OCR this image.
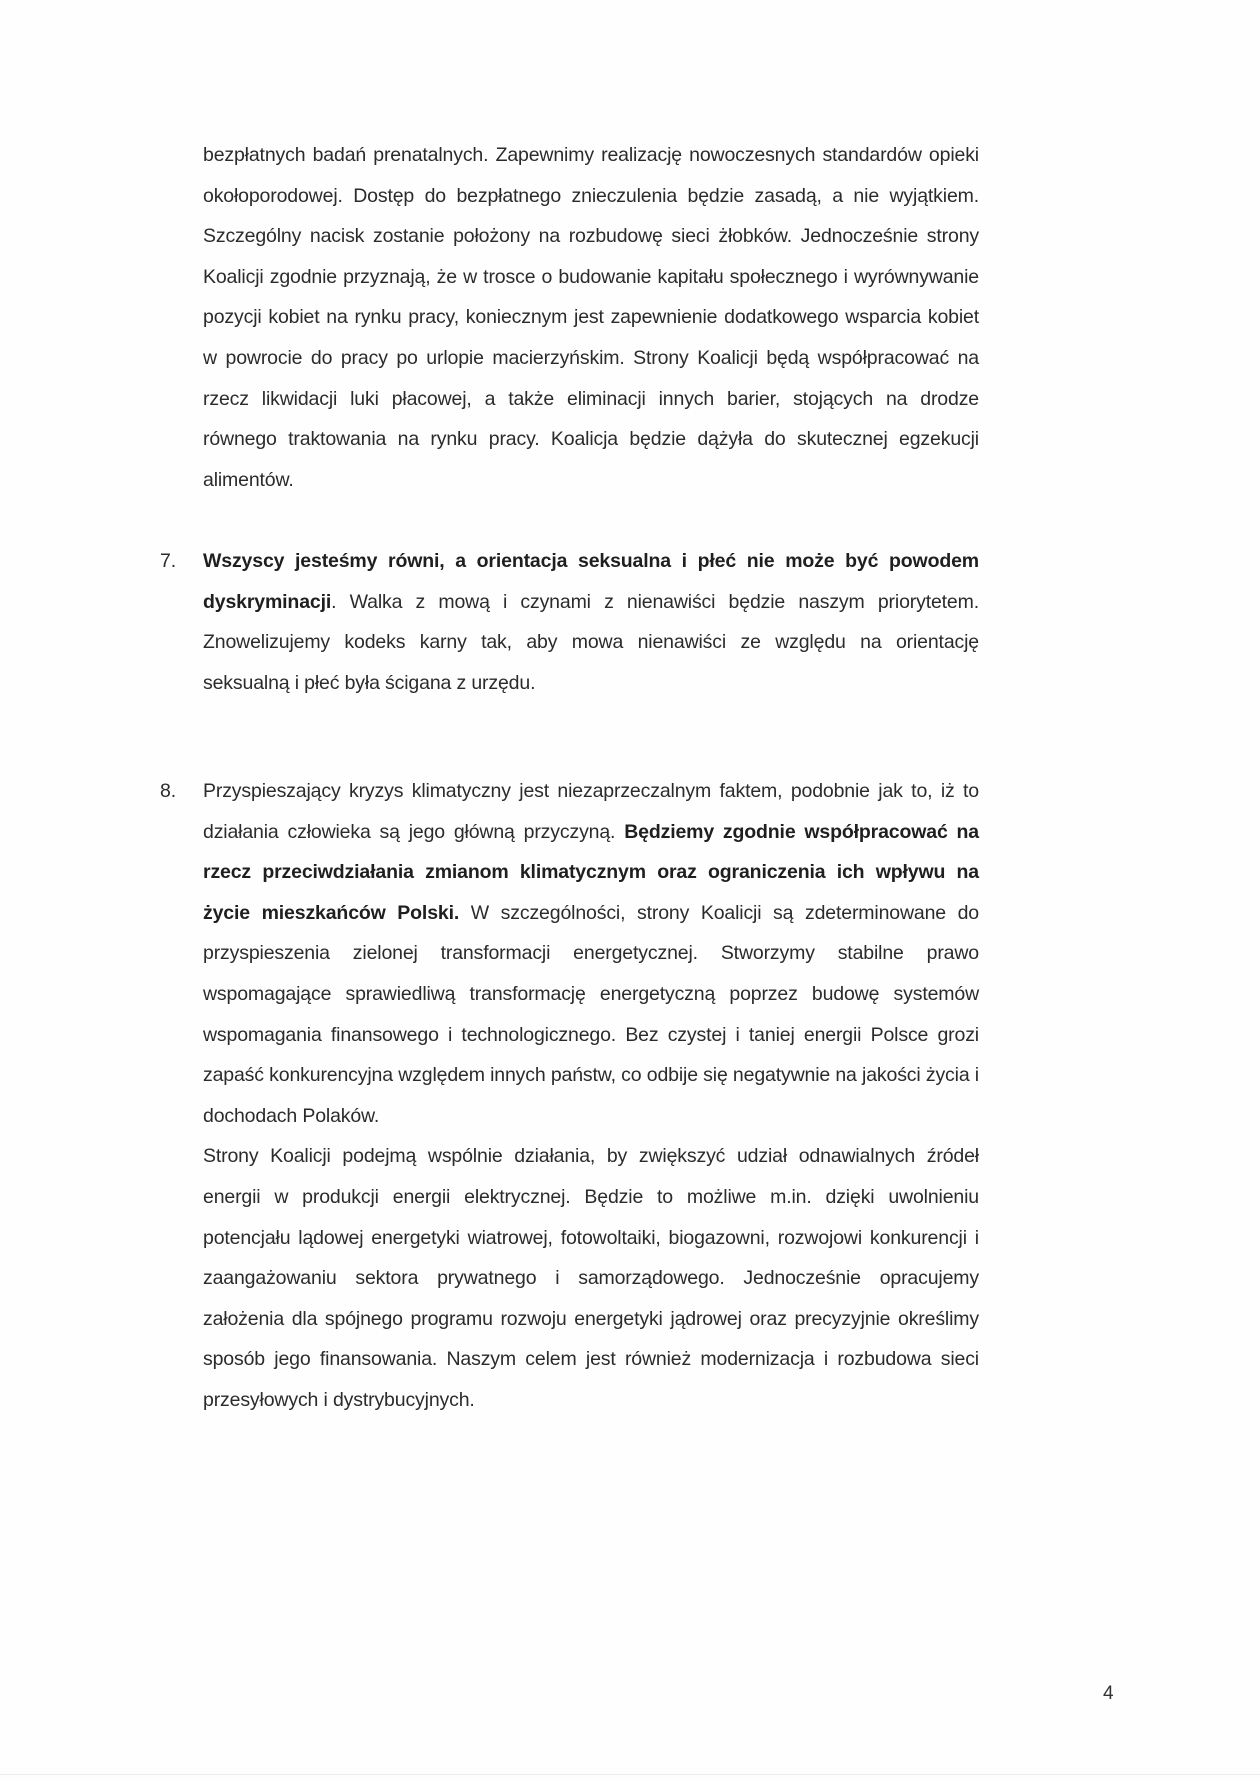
bezpłatnych badań prenatalnych. Zapewnimy realizację nowoczesnych standardów opieki okołoporodowej. Dostęp do bezpłatnego znieczulenia będzie zasadą, a nie wyjątkiem. Szczególny nacisk zostanie położony na rozbudowę sieci żłobków. Jednocześnie strony Koalicji zgodnie przyznają, że w trosce o budowanie kapitału społecznego i wyrównywanie pozycji kobiet na rynku pracy, koniecznym jest zapewnienie dodatkowego wsparcia kobiet w powrocie do pracy po urlopie macierzyńskim. Strony Koalicji będą współpracować na rzecz likwidacji luki płacowej, a także eliminacji innych barier, stojących na drodze równego traktowania na rynku pracy. Koalicja będzie dążyła do skutecznej egzekucji alimentów.

7.	Wszyscy jesteśmy równi, a orientacja seksualna i płeć nie może być powodem dyskryminacji. Walka z mową i czynami z nienawiści będzie naszym priorytetem. Znowelizujemy kodeks karny tak, aby mowa nienawiści ze względu na orientację seksualną i płeć była ścigana z urzędu.

8.	Przyspieszający kryzys klimatyczny jest niezaprzeczalnym faktem, podobnie jak to, iż to działania człowieka są jego główną przyczyną. Będziemy zgodnie współpracować na rzecz przeciwdziałania zmianom klimatycznym oraz ograniczenia ich wpływu na życie mieszkańców Polski. W szczególności, strony Koalicji są zdeterminowane do przyspieszenia zielonej transformacji energetycznej. Stworzymy stabilne prawo wspomagające sprawiedliwą transformację energetyczną poprzez budowę systemów wspomagania finansowego i technologicznego. Bez czystej i taniej energii Polsce grozi zapaść konkurencyjna względem innych państw, co odbije się negatywnie na jakości życia i dochodach Polaków.

Strony Koalicji podejmą wspólnie działania, by zwiększyć udział odnawialnych źródeł energii w produkcji energii elektrycznej. Będzie to możliwe m.in. dzięki uwolnieniu potencjału lądowej energetyki wiatrowej, fotowoltaiki, biogazowni, rozwojowi konkurencji i zaangażowaniu sektora prywatnego i samorządowego. Jednocześnie opracujemy założenia dla spójnego programu rozwoju energetyki jądrowej oraz precyzyjnie określimy sposób jego finansowania. Naszym celem jest również modernizacja i rozbudowa sieci przesyłowych i dystrybucyjnych.

4
